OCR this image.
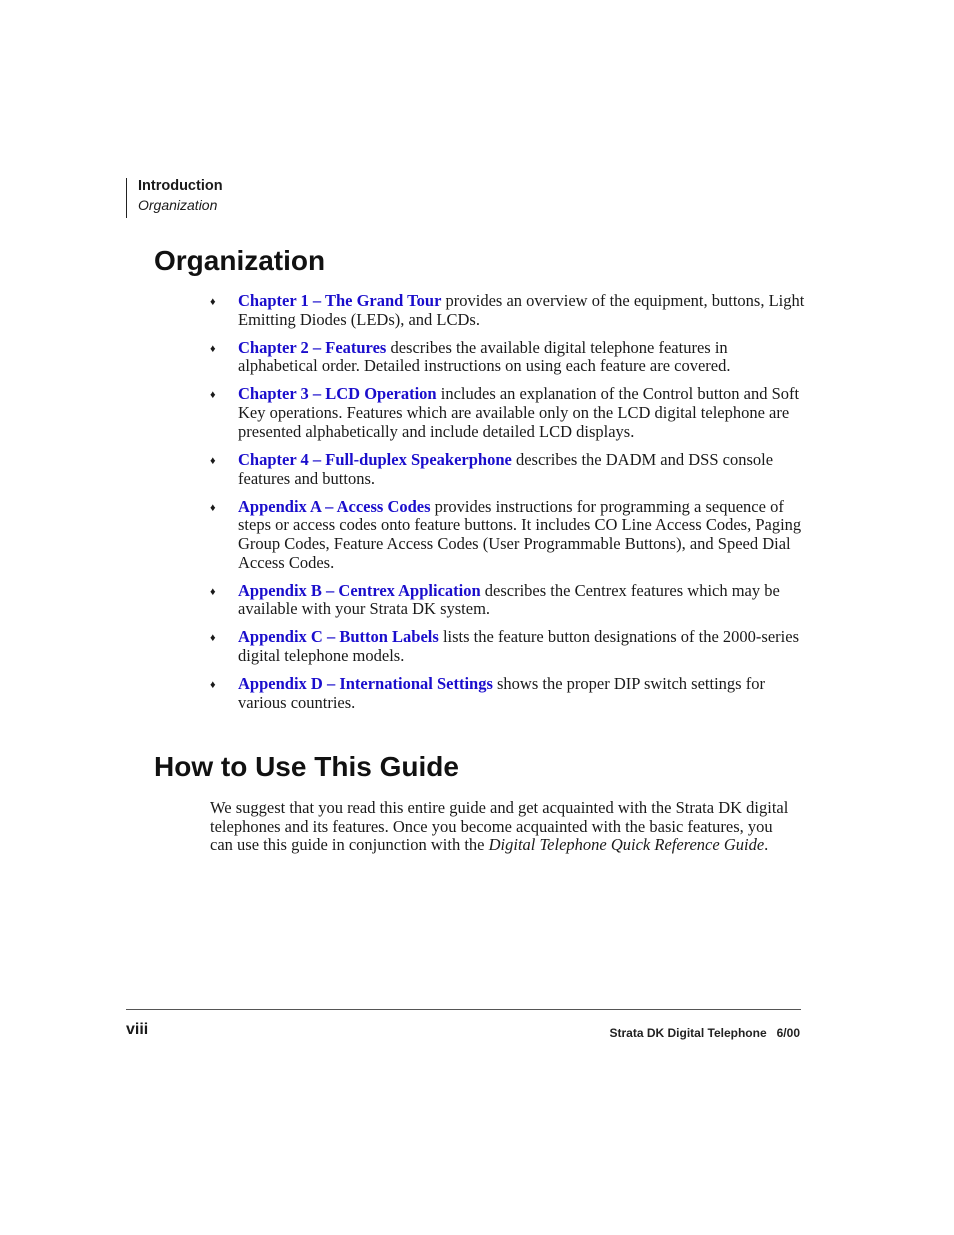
Introduction
Organization
Organization
♦ Chapter 1 – The Grand Tour provides an overview of the equipment, buttons, Light Emitting Diodes (LEDs), and LCDs.
♦ Chapter 2 – Features describes the available digital telephone features in alphabetical order. Detailed instructions on using each feature are covered.
♦ Chapter 3 – LCD Operation includes an explanation of the Control button and Soft Key operations. Features which are available only on the LCD digital telephone are presented alphabetically and include detailed LCD displays.
♦ Chapter 4 – Full-duplex Speakerphone describes the DADM and DSS console features and buttons.
♦ Appendix A – Access Codes provides instructions for programming a sequence of steps or access codes onto feature buttons. It includes CO Line Access Codes, Paging Group Codes, Feature Access Codes (User Programmable Buttons), and Speed Dial Access Codes.
♦ Appendix B – Centrex Application describes the Centrex features which may be available with your Strata DK system.
♦ Appendix C – Button Labels lists the feature button designations of the 2000-series digital telephone models.
♦ Appendix D – International Settings shows the proper DIP switch settings for various countries.
How to Use This Guide

We suggest that you read this entire guide and get acquainted with the Strata DK digital telephones and its features. Once you become acquainted with the basic features, you can use this guide in conjunction with the Digital Telephone Quick Reference Guide.

viii	Strata DK Digital Telephone   6/00
